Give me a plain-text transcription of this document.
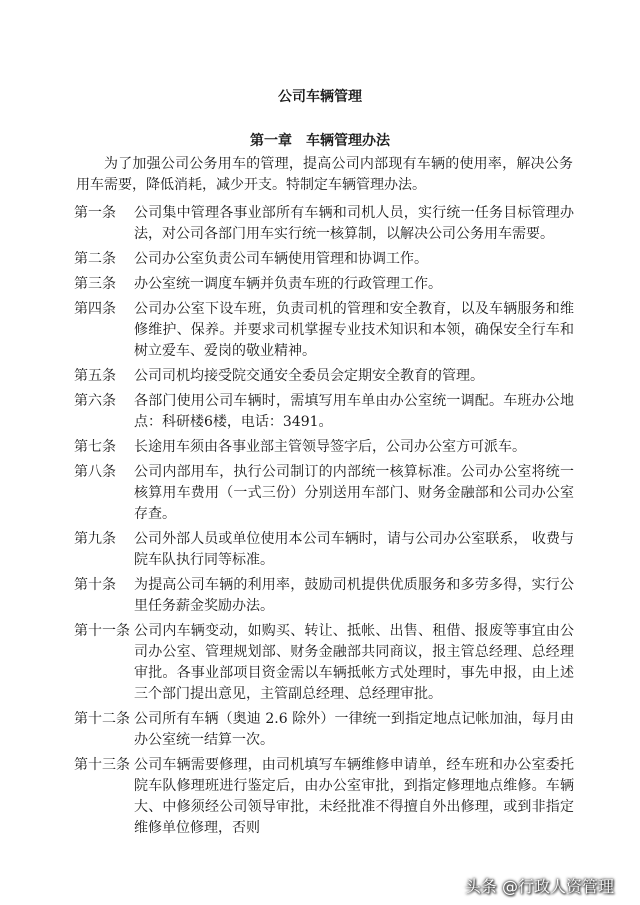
公司车辆管理
第一章 车辆管理办法

为了加强公司公务用车的管理，提高公司内部现有车辆的使用率，解决公务用车需要，降低消耗，减少开支。特制定车辆管理办法。

第一条	公司集中管理各事业部所有车辆和司机人员，实行统一任务目标管理办法，对公司各部门用车实行统一核算制，以解决公司公务用车需要。

第二条	公司办公室负责公司车辆使用管理和协调工作。

第三条	办公室统一调度车辆并负责车班的行政管理工作。

第四条	公司办公室下设车班，负责司机的管理和安全教育，以及车辆服务和维修维护、保养。并要求司机掌握专业技术知识和本领，确保安全行车和树立爱车、爱岗的敬业精神。

第五条	公司司机均接受院交通安全委员会定期安全教育的管理。

第六条	各部门使用公司车辆时，需填写用车单由办公室统一调配。车班办公地点：科研楼6楼，电话：3491。

第七条	长途用车须由各事业部主管领导签字后，公司办公室方可派车。

第八条	公司内部用车，执行公司制订的内部统一核算标准。公司办公室将统一核算用车费用（一式三份）分别送用车部门、财务金融部和公司办公室存查。

第九条	公司外部人员或单位使用本公司车辆时，请与公司办公室联系， 收费与院车队执行同等标准。

第十条	为提高公司车辆的利用率，鼓励司机提供优质服务和多劳多得，实行公里任务薪金奖励办法。

第十一条 公司内车辆变动，如购买、转让、抵帐、出售、租借、报废等事宜由公司办公室、管理规划部、财务金融部共同商议，报主管总经理、总经理审批。各事业部项目资金需以车辆抵帐方式处理时，事先申报，由上述三个部门提出意见，主管副总经理、总经理审批。

第十二条 公司所有车辆（奥迪 2.6 除外）一律统一到指定地点记帐加油，每月由办公室统一结算一次。

第十三条 公司车辆需要修理，由司机填写车辆维修申请单，经车班和办公室委托院车队修理班进行鉴定后，由办公室审批，到指定修理地点维修。车辆大、中修须经公司领导审批，未经批准不得擅自外出修理，或到非指定维修单位修理，否则

头条 @行政人资管理
